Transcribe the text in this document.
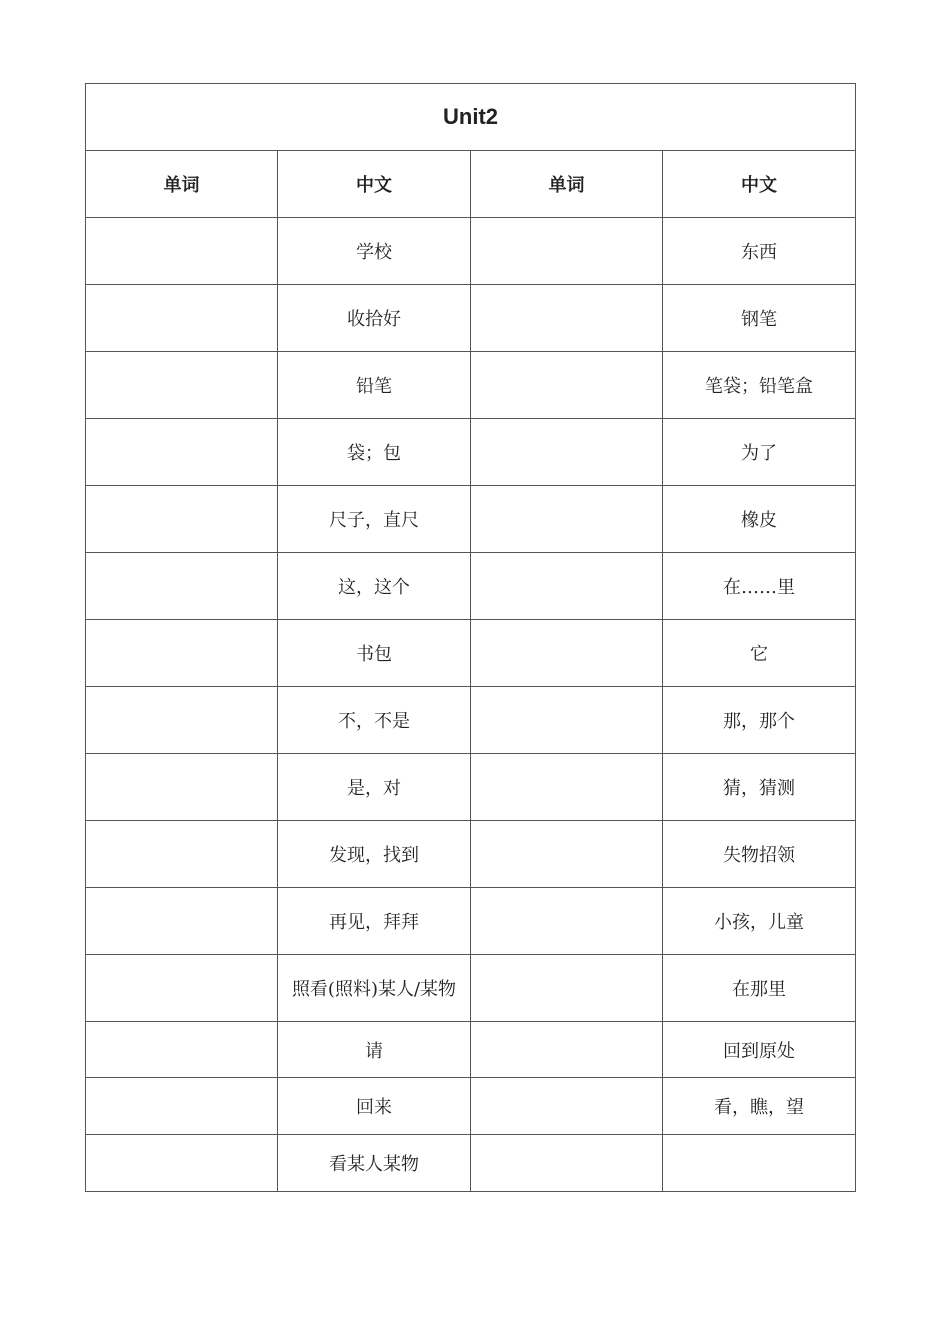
Unit2			
单词	中文	单词	中文
	学校		东西
	收拾好		钢笔
	铅笔		笔袋；铅笔盒
	袋；包		为了
	尺子，直尺		橡皮
	这，这个		在……里
	书包		它
	不，不是		那，那个
	是，对		猜，猜测
	发现，找到		失物招领
	再见，拜拜		小孩，儿童
	照看(照料)某人/某物		在那里
	请		回到原处
	回来		看，瞧，望
	看某人某物		
